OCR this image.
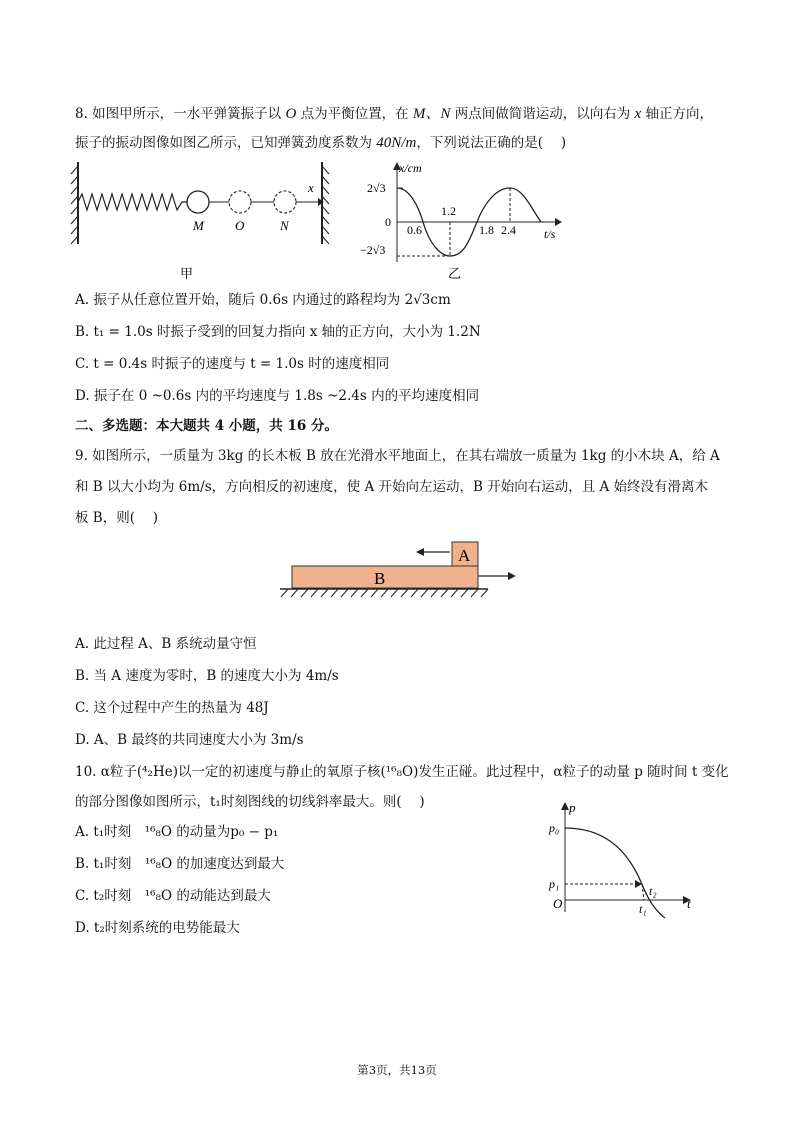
8. 如图甲所示，一水平弹簧振子以 O 点为平衡位置，在 M、N 两点间做简谐运动，以向右为 x 轴正方向，
振子的振动图像如图乙所示，已知弹簧劲度系数为 40N/m，下列说法正确的是(　 )
x
M O	N
甲
x/cm
2√3
0
−2√3
0.6
1.2
1.8 2.4 t/s
乙
A. 振子从任意位置开始，随后 0.6s 内通过的路程均为 2√3cm
B. t₁ = 1.0s 时振子受到的回复力指向 x 轴的正方向，大小为 1.2N
C. t = 0.4s 时振子的速度与 t = 1.0s 时的速度相同
D. 振子在 0 ~0.6s 内的平均速度与 1.8s ~2.4s 内的平均速度相同
二、多选题：本大题共 4 小题，共 16 分。
9. 如图所示，一质量为 3kg 的长木板 B 放在光滑水平地面上，在其右端放一质量为 1kg 的小木块 A，给 A
和 B 以大小均为 6m/s，方向相反的初速度，使 A 开始向左运动，B 开始向右运动，且 A 始终没有滑离木
板 B，则(　 )
A
B
A. 此过程 A、B 系统动量守恒
B. 当 A 速度为零时，B 的速度大小为 4m/s
C. 这个过程中产生的热量为 48J
D. A、B 最终的共同速度大小为 3m/s
10. α粒子(⁴₂He)以一定的初速度与静止的氧原子核(¹⁶₈O)发生正碰。此过程中，α粒子的动量 p 随时间 t 变化
的部分图像如图所示，t₁时刻图线的切线斜率最大。则(　 )
A. t₁时刻　¹⁶₈O 的动量为p₀ − p₁
B. t₁时刻　¹⁶₈O 的加速度达到最大
C. t₂时刻　¹⁶₈O 的动能达到最大
D. t₂时刻系统的电势能最大
p
p₀
p₁
O	t
t₂
t₁
第3页，共13页
